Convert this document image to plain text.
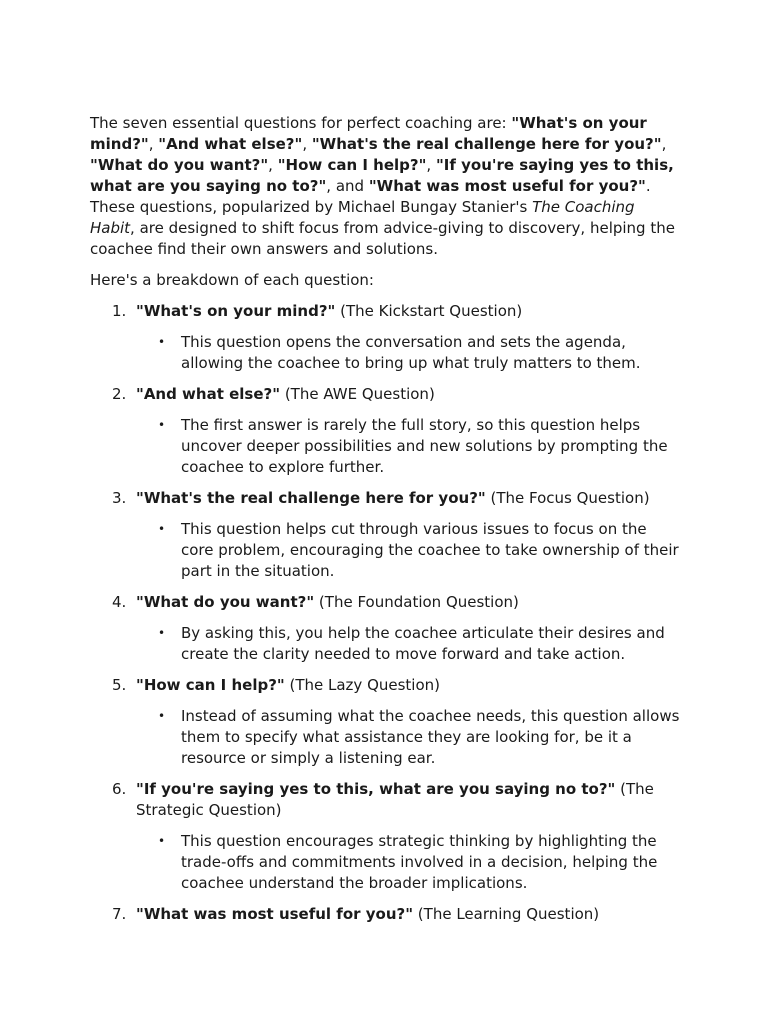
The seven essential questions for perfect coaching are: "What's on your mind?", "And what else?", "What's the real challenge here for you?", "What do you want?", "How can I help?", "If you're saying yes to this, what are you saying no to?", and "What was most useful for you?". These questions, popularized by Michael Bungay Stanier's The Coaching Habit, are designed to shift focus from advice-giving to discovery, helping the coachee find their own answers and solutions.

Here's a breakdown of each question:

1. "What's on your mind?" (The Kickstart Question)
• This question opens the conversation and sets the agenda, allowing the coachee to bring up what truly matters to them.
2. "And what else?" (The AWE Question)
• The first answer is rarely the full story, so this question helps uncover deeper possibilities and new solutions by prompting the coachee to explore further.
3. "What's the real challenge here for you?" (The Focus Question)
• This question helps cut through various issues to focus on the core problem, encouraging the coachee to take ownership of their part in the situation.
4. "What do you want?" (The Foundation Question)
• By asking this, you help the coachee articulate their desires and create the clarity needed to move forward and take action.
5. "How can I help?" (The Lazy Question)
• Instead of assuming what the coachee needs, this question allows them to specify what assistance they are looking for, be it a resource or simply a listening ear.
6. "If you're saying yes to this, what are you saying no to?" (The Strategic Question)
• This question encourages strategic thinking by highlighting the trade-offs and commitments involved in a decision, helping the coachee understand the broader implications.
7. "What was most useful for you?" (The Learning Question)
